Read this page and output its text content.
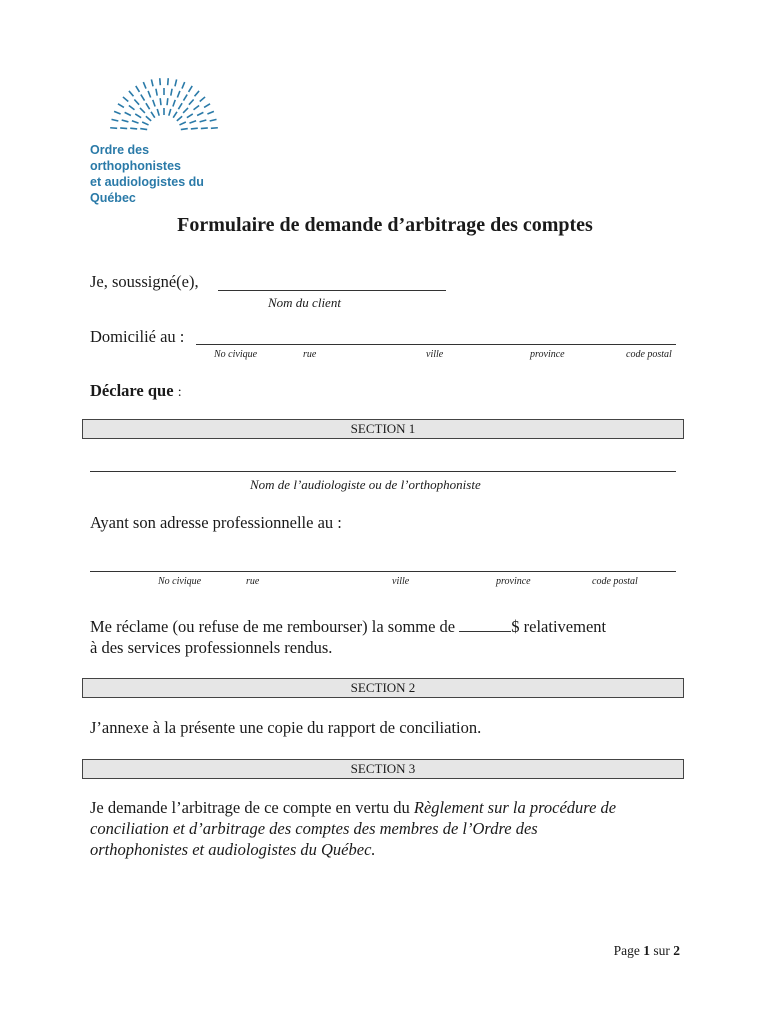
Ordre des orthophonistes
et audiologistes du Québec
Formulaire de demande d’arbitrage des comptes
Je, soussigné(e),
Nom du client
Domicilié au :
No civique	rue	ville	province	code postal
Déclare que :
SECTION 1
Nom de l’audiologiste ou de l’orthophoniste
Ayant son adresse professionnelle au :
No civique	rue	ville	province	code postal
Me réclame (ou refuse de me rembourser) la somme de	$ relativement
à des services professionnels rendus.
SECTION 2
J’annexe à la présente une copie du rapport de conciliation.
SECTION 3
Je demande l’arbitrage de ce compte en vertu du Règlement sur la procédure de
conciliation et d’arbitrage des comptes des membres de l’Ordre des
orthophonistes et audiologistes du Québec.
Page 1 sur 2
